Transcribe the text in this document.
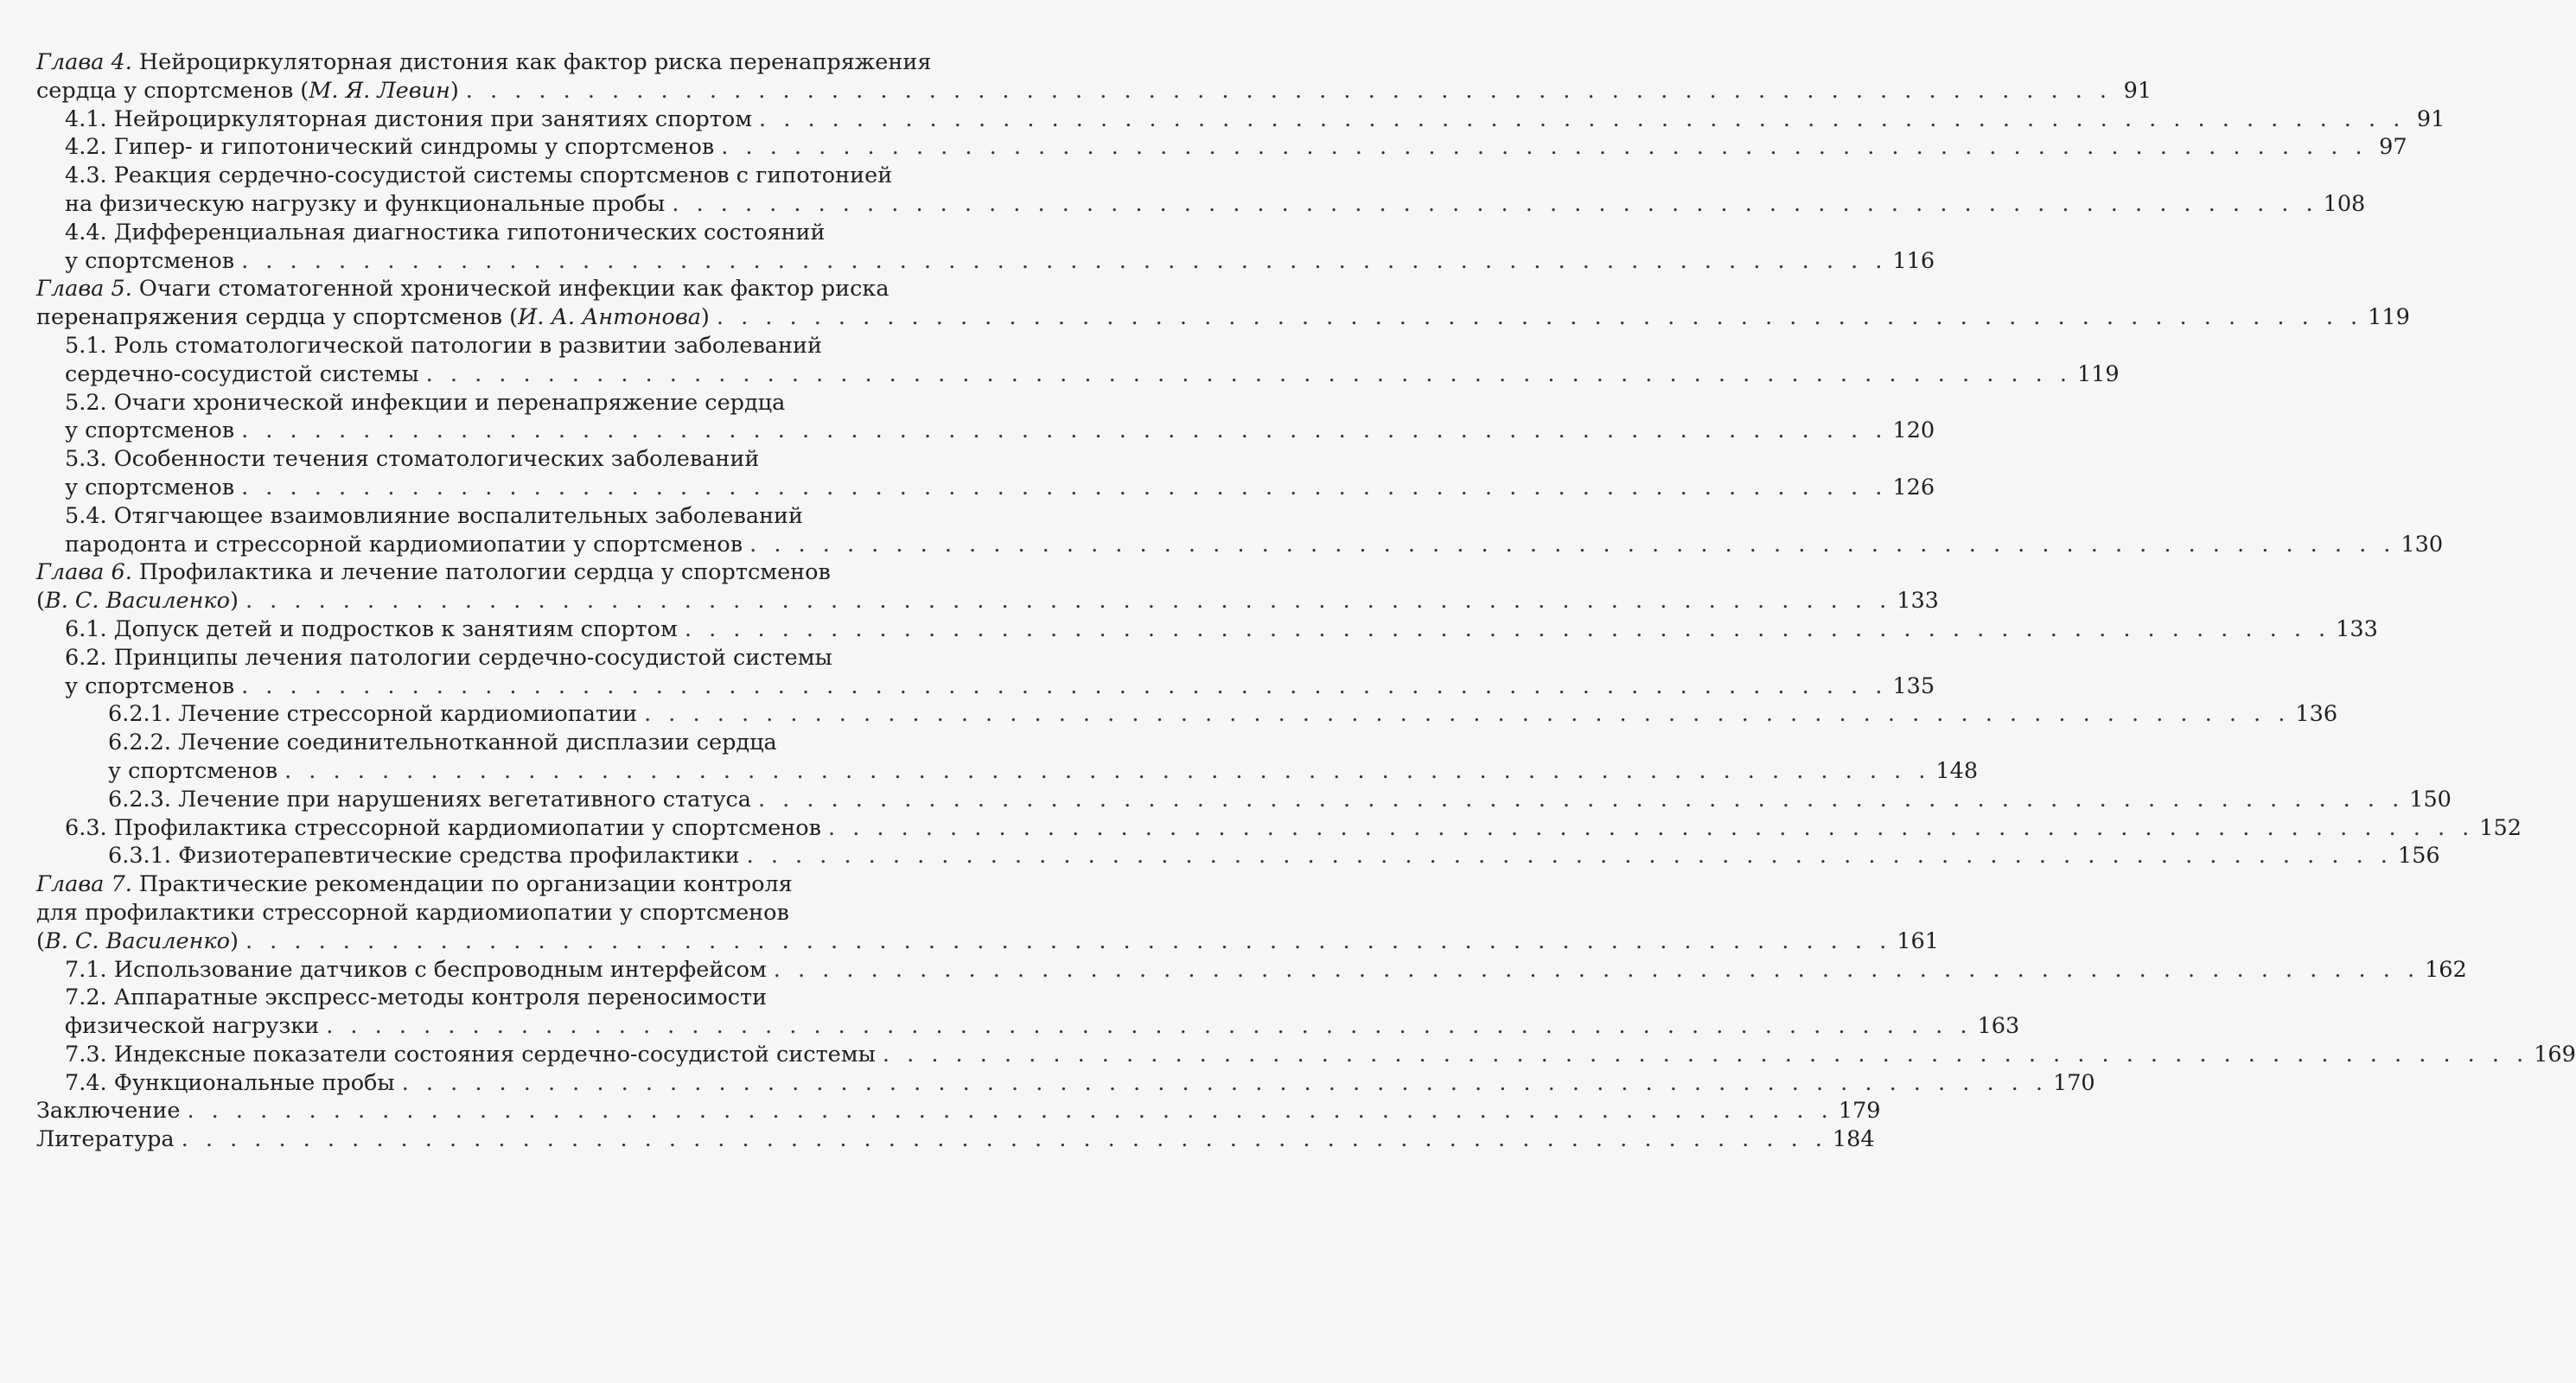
Глава 4. Нейроциркуляторная дистония как фактор риска перенапряжения
сердца у спортсменов (М. Я. Левин) . . . . . . . . . . . . . . . . . . . . . . . . . . . . . . . . . . . . . . . . . . . . . . . . . . . . . . . . . . . . . . . . . . . . 91
4.1. Нейроциркуляторная дистония при занятиях спортом . . . . . . . . . . . . . . . . . . . . . . . . . . . . . . . . . . . . . . . . . . . . . . . . . . . . . . . . . . . . . . . . . . . . 91
4.2. Гипер- и гипотонический синдромы у спортсменов . . . . . . . . . . . . . . . . . . . . . . . . . . . . . . . . . . . . . . . . . . . . . . . . . . . . . . . . . . . . . . . . . . . . 97
4.3. Реакция сердечно-сосудистой системы спортсменов с гипотонией
на физическую нагрузку и функциональные пробы . . . . . . . . . . . . . . . . . . . . . . . . . . . . . . . . . . . . . . . . . . . . . . . . . . . . . . . . . . . . . . . . . . . . 108
4.4. Дифференциальная диагностика гипотонических состояний
у спортсменов . . . . . . . . . . . . . . . . . . . . . . . . . . . . . . . . . . . . . . . . . . . . . . . . . . . . . . . . . . . . . . . . . . . . 116
Глава 5. Очаги стоматогенной хронической инфекции как фактор риска
перенапряжения сердца у спортсменов (И. А. Антонова) . . . . . . . . . . . . . . . . . . . . . . . . . . . . . . . . . . . . . . . . . . . . . . . . . . . . . . . . . . . . . . . . . . . . 119
5.1. Роль стоматологической патологии в развитии заболеваний
сердечно-сосудистой системы . . . . . . . . . . . . . . . . . . . . . . . . . . . . . . . . . . . . . . . . . . . . . . . . . . . . . . . . . . . . . . . . . . . . 119
5.2. Очаги хронической инфекции и перенапряжение сердца
у спортсменов . . . . . . . . . . . . . . . . . . . . . . . . . . . . . . . . . . . . . . . . . . . . . . . . . . . . . . . . . . . . . . . . . . . . 120
5.3. Особенности течения стоматологических заболеваний
у спортсменов . . . . . . . . . . . . . . . . . . . . . . . . . . . . . . . . . . . . . . . . . . . . . . . . . . . . . . . . . . . . . . . . . . . . 126
5.4. Отягчающее взаимовлияние воспалительных заболеваний
пародонта и стрессорной кардиомиопатии у спортсменов . . . . . . . . . . . . . . . . . . . . . . . . . . . . . . . . . . . . . . . . . . . . . . . . . . . . . . . . . . . . . . . . . . . . 130
Глава 6. Профилактика и лечение патологии сердца у спортсменов
(В. С. Василенко) . . . . . . . . . . . . . . . . . . . . . . . . . . . . . . . . . . . . . . . . . . . . . . . . . . . . . . . . . . . . . . . . . . . . 133
6.1. Допуск детей и подростков к занятиям спортом . . . . . . . . . . . . . . . . . . . . . . . . . . . . . . . . . . . . . . . . . . . . . . . . . . . . . . . . . . . . . . . . . . . . 133
6.2. Принципы лечения патологии сердечно-сосудистой системы
у спортсменов . . . . . . . . . . . . . . . . . . . . . . . . . . . . . . . . . . . . . . . . . . . . . . . . . . . . . . . . . . . . . . . . . . . . 135
6.2.1. Лечение стрессорной кардиомиопатии . . . . . . . . . . . . . . . . . . . . . . . . . . . . . . . . . . . . . . . . . . . . . . . . . . . . . . . . . . . . . . . . . . . . 136
6.2.2. Лечение соединительнотканной дисплазии сердца
у спортсменов . . . . . . . . . . . . . . . . . . . . . . . . . . . . . . . . . . . . . . . . . . . . . . . . . . . . . . . . . . . . . . . . . . . . 148
6.2.3. Лечение при нарушениях вегетативного статуса . . . . . . . . . . . . . . . . . . . . . . . . . . . . . . . . . . . . . . . . . . . . . . . . . . . . . . . . . . . . . . . . . . . . 150
6.3. Профилактика стрессорной кардиомиопатии у спортсменов . . . . . . . . . . . . . . . . . . . . . . . . . . . . . . . . . . . . . . . . . . . . . . . . . . . . . . . . . . . . . . . . . . . . 152
6.3.1. Физиотерапевтические средства профилактики . . . . . . . . . . . . . . . . . . . . . . . . . . . . . . . . . . . . . . . . . . . . . . . . . . . . . . . . . . . . . . . . . . . . 156
Глава 7. Практические рекомендации по организации контроля
для профилактики стрессорной кардиомиопатии у спортсменов
(В. С. Василенко) . . . . . . . . . . . . . . . . . . . . . . . . . . . . . . . . . . . . . . . . . . . . . . . . . . . . . . . . . . . . . . . . . . . . 161
7.1. Использование датчиков с беспроводным интерфейсом . . . . . . . . . . . . . . . . . . . . . . . . . . . . . . . . . . . . . . . . . . . . . . . . . . . . . . . . . . . . . . . . . . . . 162
7.2. Аппаратные экспресс-методы контроля переносимости
физической нагрузки . . . . . . . . . . . . . . . . . . . . . . . . . . . . . . . . . . . . . . . . . . . . . . . . . . . . . . . . . . . . . . . . . . . . 163
7.3. Индексные показатели состояния сердечно-сосудистой системы . . . . . . . . . . . . . . . . . . . . . . . . . . . . . . . . . . . . . . . . . . . . . . . . . . . . . . . . . . . . . . . . . . . . 169
7.4. Функциональные пробы . . . . . . . . . . . . . . . . . . . . . . . . . . . . . . . . . . . . . . . . . . . . . . . . . . . . . . . . . . . . . . . . . . . . 170
Заключение . . . . . . . . . . . . . . . . . . . . . . . . . . . . . . . . . . . . . . . . . . . . . . . . . . . . . . . . . . . . . . . . . . . . 179
Литература . . . . . . . . . . . . . . . . . . . . . . . . . . . . . . . . . . . . . . . . . . . . . . . . . . . . . . . . . . . . . . . . . . . . 184
